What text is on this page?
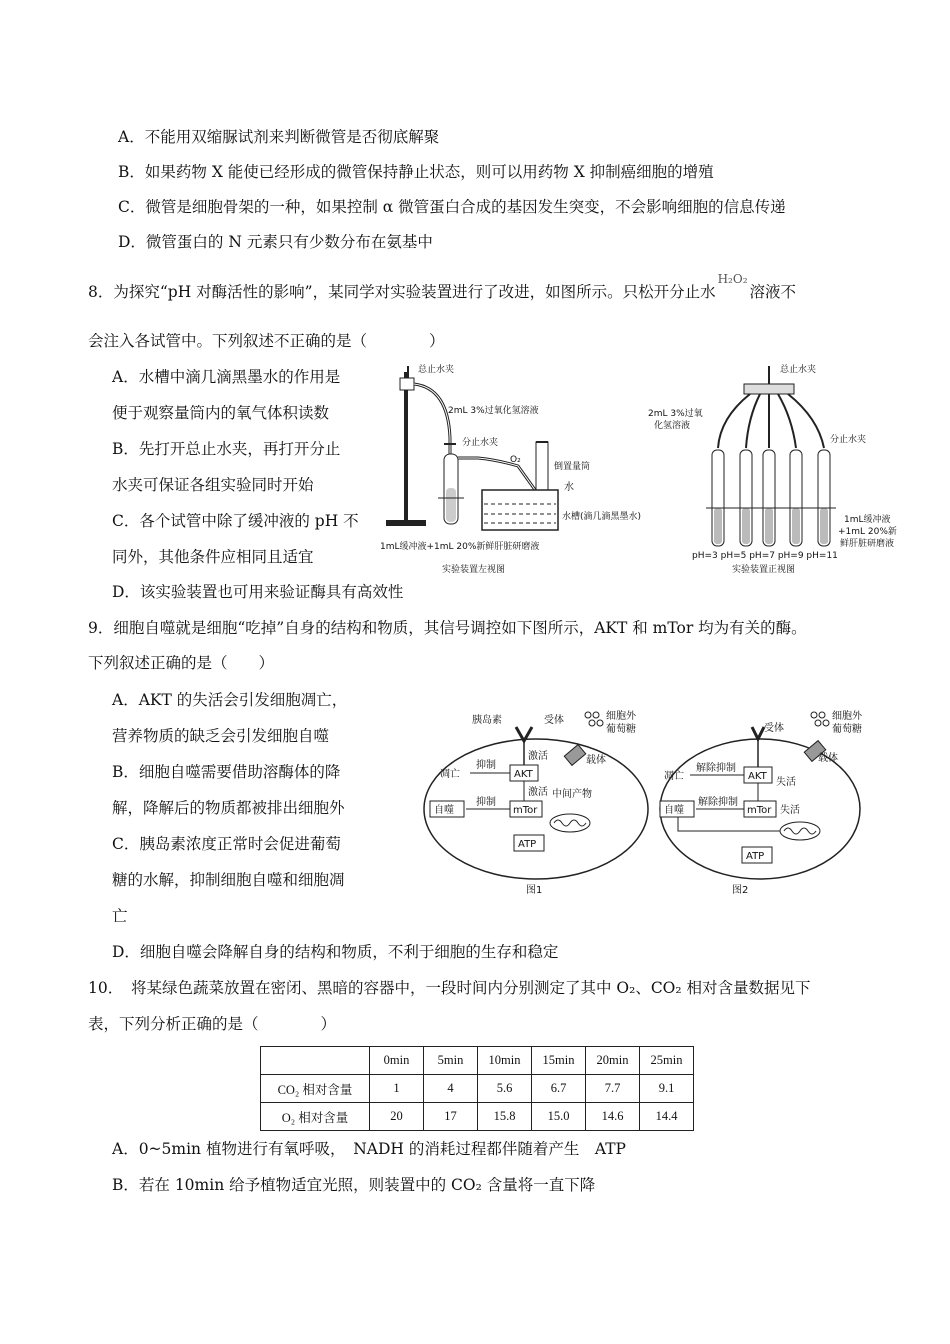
A．不能用双缩脲试剂来判断微管是否彻底解聚
B．如果药物 X 能使已经形成的微管保持静止状态，则可以用药物 X 抑制癌细胞的增殖
C．微管是细胞骨架的一种，如果控制 α 微管蛋白合成的基因发生突变，不会影响细胞的信息传递
D．微管蛋白的 N 元素只有少数分布在氨基中
8．为探究“pH 对酶活性的影响”，某同学对实验装置进行了改进，如图所示。只松开分止水$^{H_2O_2}$溶液不
会注入各试管中。下列叙述不正确的是（　　　　）
A．水槽中滴几滴黑墨水的作用是
便于观察量筒内的氧气体积读数
B．先打开总止水夹，再打开分止
水夹可保证各组实验同时开始
C．各个试管中除了缓冲液的 pH 不
同外，其他条件应相同且适宜
D．该实验装置也可用来验证酶具有高效性
总止水夹
2mL 3%过氧化氢溶液
分止水夹
O₂
倒置量筒
水
水槽(滴几滴黑墨水)
1mL缓冲液+1mL 20%新鲜肝脏研磨液
实验装置左视图
总止水夹
2mL 3%过氧
化氢溶液
分止水夹
1mL缓冲液
+1mL 20%新
鲜肝脏研磨液
pH=3 pH=5 pH=7 pH=9 pH=11
实验装置正视图
9．细胞自噬就是细胞“吃掉”自身的结构和物质，其信号调控如下图所示，AKT 和 mTor 均为有关的酶。
下列叙述正确的是（　　）
A．AKT 的失活会引发细胞凋亡，
营养物质的缺乏会引发细胞自噬
B．细胞自噬需要借助溶酶体的降
解，降解后的物质都被排出细胞外
C．胰岛素浓度正常时会促进葡萄
糖的水解，抑制细胞自噬和细胞凋
亡
D．细胞自噬会降解自身的结构和物质，不利于细胞的生存和稳定
胰岛素	受体	细胞外
葡萄糖
激活	载体
AKT
抑制
凋亡
激活
mTor
抑制
自噬
中间产物
ATP
图1
受体
细胞外
葡萄糖
载体
AKT
失活
解除抑制
凋亡
mTor 失活
解除抑制
自噬
ATP
图2
10．　将某绿色蔬菜放置在密闭、黑暗的容器中，一段时间内分别测定了其中 O₂、CO₂ 相对含量数据见下
表，下列分析正确的是（　　　　）
	0min	5min	10min	15min	20min	25min
CO₂ 相对含量	1	4	5.6	6.7	7.7	9.1
O₂ 相对含量	20	17	15.8	15.0	14.6	14.4
A．0~5min 植物进行有氧呼吸，　NADH 的消耗过程都伴随着产生　ATP
B．若在 10min 给予植物适宜光照，则装置中的 CO₂ 含量将一直下降
